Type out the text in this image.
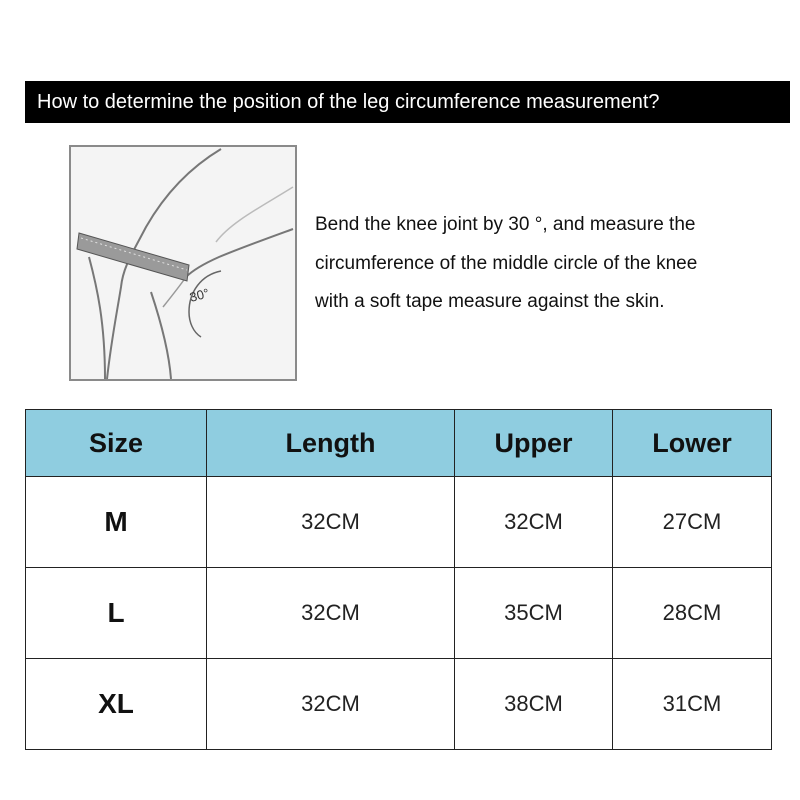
How to determine the position of the leg circumference measurement?
30°

Bend the knee joint by 30 °, and measure the

circumference of the middle circle of the knee

with a soft tape measure against the skin.

Size	Length	Upper	Lower
M	32CM	32CM	27CM
L	32CM	35CM	28CM
XL	32CM	38CM	31CM
